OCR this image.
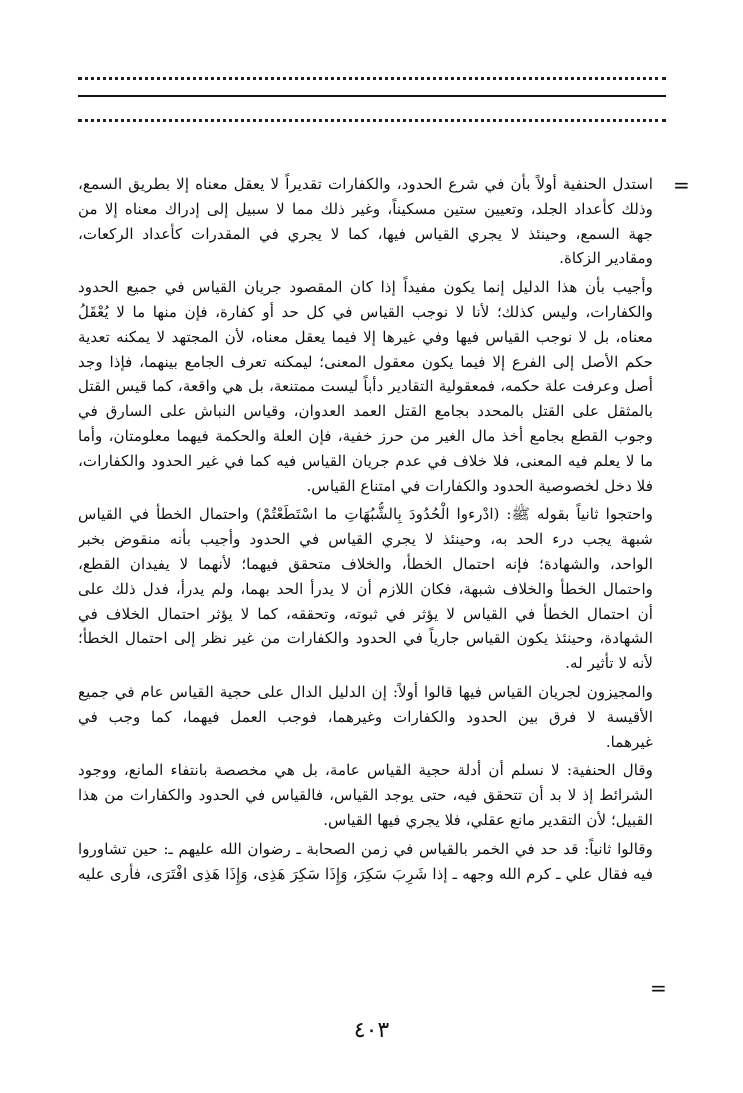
=
استدل الحنفية أولاً بأن في شرع الحدود، والكفارات تقديراً لا يعقل معناه إلا بطريق السمع،
وذلك كأعداد الجلد، وتعيين ستين مسكيناً، وغير ذلك مما لا سبيل إلى إدراك معناه إلا من
جهة السمع، وحينئذ لا يجري القياس فيها، كما لا يجري في المقدرات كأعداد الركعات،
ومقادير الزكاة.
وأجيب بأن هذا الدليل إنما يكون مفيداً إذا كان المقصود جريان القياس في جميع الحدود
والكفارات، وليس كذلك؛ لأنا لا نوجب القياس في كل حد أو كفارة، فإن منها ما لا يُعْقَلُ
معناه، بل لا نوجب القياس فيها وفي غيرها إلا فيما يعقل معناه، لأن المجتهد لا يمكنه تعدية
حكم الأصل إلى الفرع إلا فيما يكون معقول المعنى؛ ليمكنه تعرف الجامع بينهما، فإذا وجد
أصل وعرفت علة حكمه، فمعقولية التقادير دأباً ليست ممتنعة، بل هي واقعة، كما قيس القتل
بالمثقل على القتل بالمحدد بجامع القتل العمد العدوان، وقياس النباش على السارق في
وجوب القطع بجامع أخذ مال الغير من حرز خفية، فإن العلة والحكمة فيهما معلومتان، وأما
ما لا يعلم فيه المعنى، فلا خلاف في عدم جريان القياس فيه كما في غير الحدود والكفارات،
فلا دخل لخصوصية الحدود والكفارات في امتناع القياس.
واحتجوا ثانياً بقوله ﷺ: (ادْرءوا الْحُدُودَ بِالشُّبُهَاتِ ما اسْتَطَعْتُمْ) واحتمال الخطأ في القياس
شبهة يجب درء الحد به، وحينئذ لا يجري القياس في الحدود وأجيب بأنه منقوض بخبر
الواحد، والشهادة؛ فإنه احتمال الخطأ، والخلاف متحقق فيهما؛ لأنهما لا يفيدان القطع،
واحتمال الخطأ والخلاف شبهة، فكان اللازم أن لا يدرأ الحد بهما، ولم يدرأ، فدل ذلك على
أن احتمال الخطأ في القياس لا يؤثر في ثبوته، وتحققه، كما لا يؤثر احتمال الخلاف في
الشهادة، وحينئذ يكون القياس جارياً في الحدود والكفارات من غير نظر إلى احتمال الخطأ؛
لأنه لا تأثير له.
والمجيزون لجريان القياس فيها قالوا أولاً: إن الدليل الدال على حجية القياس عام في جميع
الأقيسة لا فرق بين الحدود والكفارات وغيرهما، فوجب العمل فيهما، كما وجب في
غيرهما.
وقال الحنفية: لا نسلم أن أدلة حجية القياس عامة، بل هي مخصصة بانتفاء المانع، ووجود
الشرائط إذ لا بد أن تتحقق فيه، حتى يوجد القياس، فالقياس في الحدود والكفارات من هذا
القبيل؛ لأن التقدير مانع عقلي، فلا يجري فيها القياس.
وقالوا ثانياً: قد حد في الخمر بالقياس في زمن الصحابة ـ رضوان الله عليهم ـ: حين تشاوروا
فيه فقال علي ـ كرم الله وجهه ـ إذا شَرِبَ سَكِرَ، وَإِذَا سَكِرَ هَذِى، وَإِذَا هَذِى افْتَرَى، فأرى عليه
=
٤٠٣
